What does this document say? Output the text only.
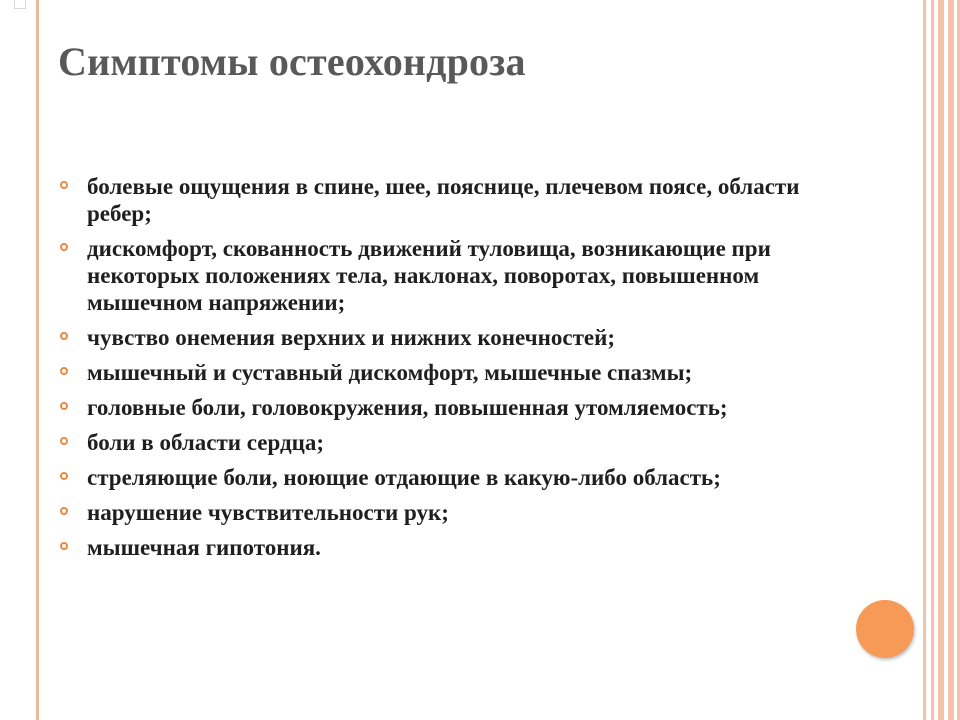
Симптомы остеохондроза
болевые ощущения в спине, шее, пояснице, плечевом поясе, области ребер;
дискомфорт, скованность движений туловища, возникающие при некоторых положениях тела, наклонах, поворотах, повышенном мышечном напряжении;
чувство онемения верхних и нижних конечностей;
мышечный и суставный дискомфорт, мышечные спазмы;
головные боли, головокружения, повышенная утомляемость;
боли в области сердца;
стреляющие боли, ноющие отдающие в какую-либо область;
нарушение чувствительности рук;
мышечная гипотония.
